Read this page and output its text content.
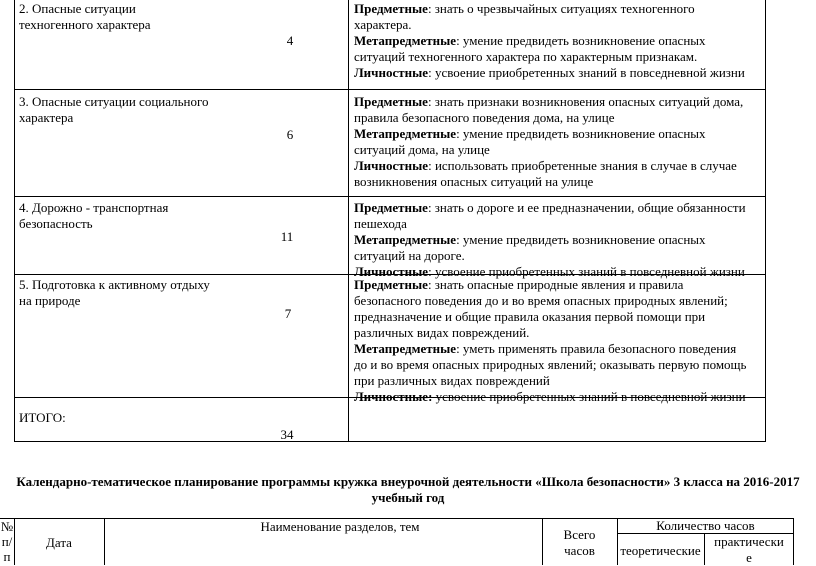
2. Опасные ситуации
техногенного характера
4
Предметные: знать о чрезвычайных ситуациях техногенного
характера.
Метапредметные: умение предвидеть возникновение опасных
ситуаций техногенного характера по характерным признакам.
Личностные: усвоение приобретенных знаний в повседневной жизни
3. Опасные ситуации социального
характера
6
Предметные: знать признаки возникновения опасных ситуаций дома,
правила безопасного поведения дома, на улице
Метапредметные: умение предвидеть возникновение опасных
ситуаций дома, на улице
Личностные: использовать приобретенные знания в случае в случае
возникновения опасных ситуаций на улице
4. Дорожно - транспортная
безопасность
11
Предметные: знать о дороге и ее предназначении, общие обязанности
пешехода
Метапредметные: умение предвидеть возникновение опасных
ситуаций на дороге.
Личностные: усвоение приобретенных знаний в повседневной жизни
5. Подготовка к активному отдыху
на природе
7
Предметные: знать опасные природные явления и правила
безопасного поведения до и во время опасных природных явлений;
предназначение и общие правила оказания первой помощи при
различных видах повреждений.
Метапредметные: уметь применять правила безопасного поведения
до и во время опасных природных явлений; оказывать первую помощь
при различных видах повреждений
Личностные: усвоение приобретенных знаний в повседневной жизни
ИТОГО:
34
Календарно-тематическое планирование программы кружка внеурочной деятельности «Школа безопасности» 3 класса на 2016-2017
учебный год
№
п/
п
Дата
Наименование разделов, тем
Всего
часов
Количество часов
теоретические
практически
е
